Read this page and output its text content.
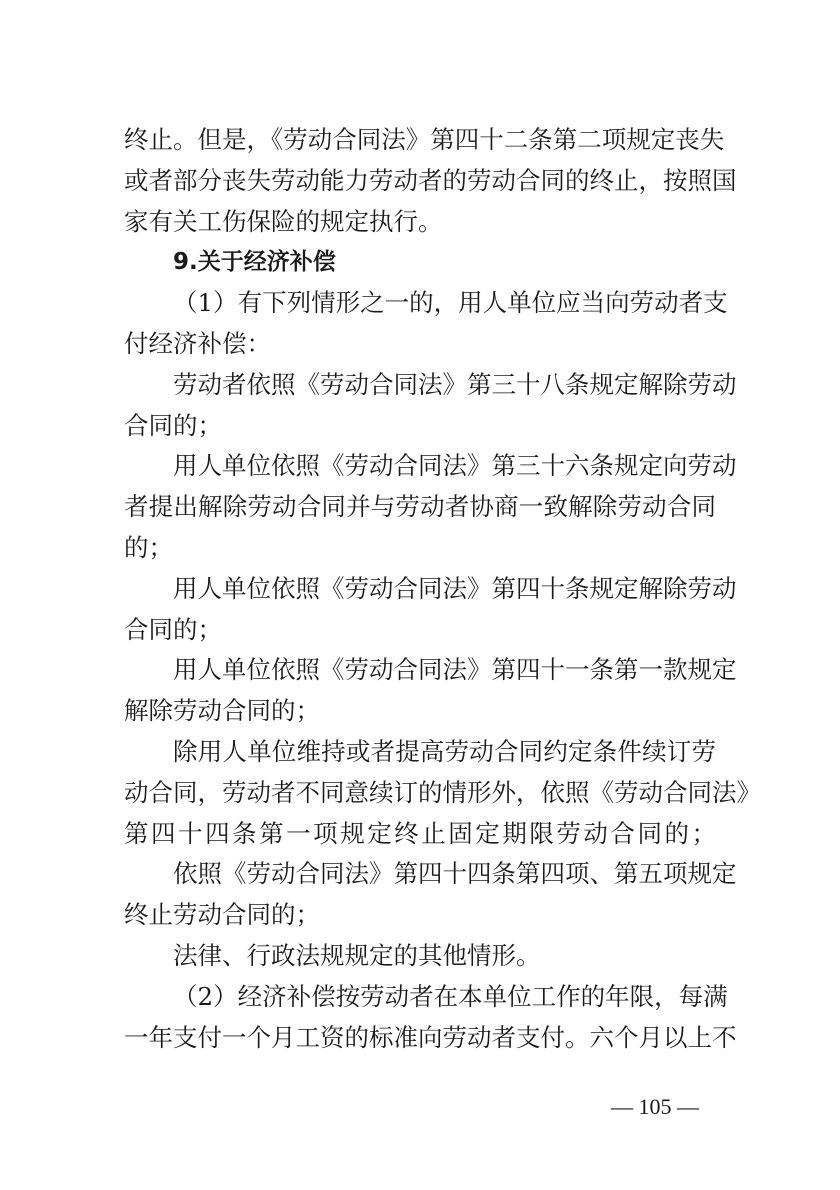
终止。但是，《劳动合同法》第四十二条第二项规定丧失
或者部分丧失劳动能力劳动者的劳动合同的终止，按照国
家有关工伤保险的规定执行。
9.关于经济补偿
（1）有下列情形之一的，用人单位应当向劳动者支
付经济补偿：
劳动者依照《劳动合同法》第三十八条规定解除劳动
合同的；
用人单位依照《劳动合同法》第三十六条规定向劳动
者提出解除劳动合同并与劳动者协商一致解除劳动合同
的；
用人单位依照《劳动合同法》第四十条规定解除劳动
合同的；
用人单位依照《劳动合同法》第四十一条第一款规定
解除劳动合同的；
除用人单位维持或者提高劳动合同约定条件续订劳
动合同，劳动者不同意续订的情形外，依照《劳动合同法》
第四十四条第一项规定终止固定期限劳动合同的；
依照《劳动合同法》第四十四条第四项、第五项规定
终止劳动合同的；
法律、行政法规规定的其他情形。
（2）经济补偿按劳动者在本单位工作的年限，每满
一年支付一个月工资的标准向劳动者支付。六个月以上不
— 105 —
